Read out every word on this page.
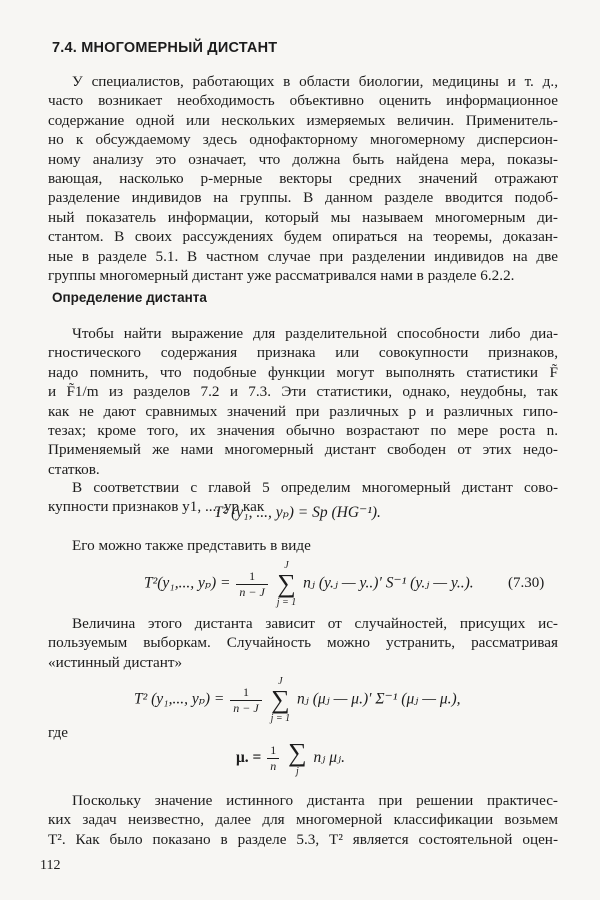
7.4. МНОГОМЕРНЫЙ ДИСТАНТ
У специалистов, работающих в области биологии, медицины и т. д.,
часто возникает необходимость объективно оценить информационное
содержание одной или нескольких измеряемых величин. Применитель-
но к обсуждаемому здесь однофакторному многомерному дисперсион-
ному анализу это означает, что должна быть найдена мера, показы-
вающая, насколько p-мерные векторы средних значений отражают
разделение индивидов на группы. В данном разделе вводится подоб-
ный показатель информации, который мы называем многомерным ди-
стантом. В своих рассуждениях будем опираться на теоремы, доказан-
ные в разделе 5.1. В частном случае при разделении индивидов на две
группы многомерный дистант уже рассматривался нами в разделе 6.2.2.
Определение дистанта
Чтобы найти выражение для разделительной способности либо диа-
гностического содержания признака или совокупности признаков,
надо помнить, что подобные функции могут выполнять статистики F̃
и F̃1/m из разделов 7.2 и 7.3. Эти статистики, однако, неудобны, так
как не дают сравнимых значений при различных p и различных гипо-
тезах; кроме того, их значения обычно возрастают по мере роста n.
Применяемый же нами многомерный дистант свободен от этих недо-
статков.
В соответствии с главой 5 определим многомерный дистант сово-
купности признаков y1, ..., yp как
T² (y₁, ..., yₚ) = Sp (HG⁻¹).
Его можно также представить в виде
T²(y₁,..., $y_p) = \frac{1}{n - J}$

J
∑
j = 1
nⱼ (y.ⱼ — y..)′ S⁻¹ (y.ⱼ — y..). (7.30)
Величина этого дистанта зависит от случайностей, присущих ис-
пользуемым выборкам. Случайность можно устранить, рассматривая
«истинный дистант»
T² (y₁,..., $y_p) = \frac{1}{n - J}$

J
∑
j = 1
nⱼ (μⱼ — μ.)′ Σ⁻¹ (μⱼ — μ.),
где
μ. = $\frac{1}{n}$
∑
j
nⱼ μⱼ.
Поскольку значение истинного дистанта при решении практичес-
ких задач неизвестно, далее для многомерной классификации возьмем
T². Как было показано в разделе 5.3, T² является состоятельной оцен-
112
